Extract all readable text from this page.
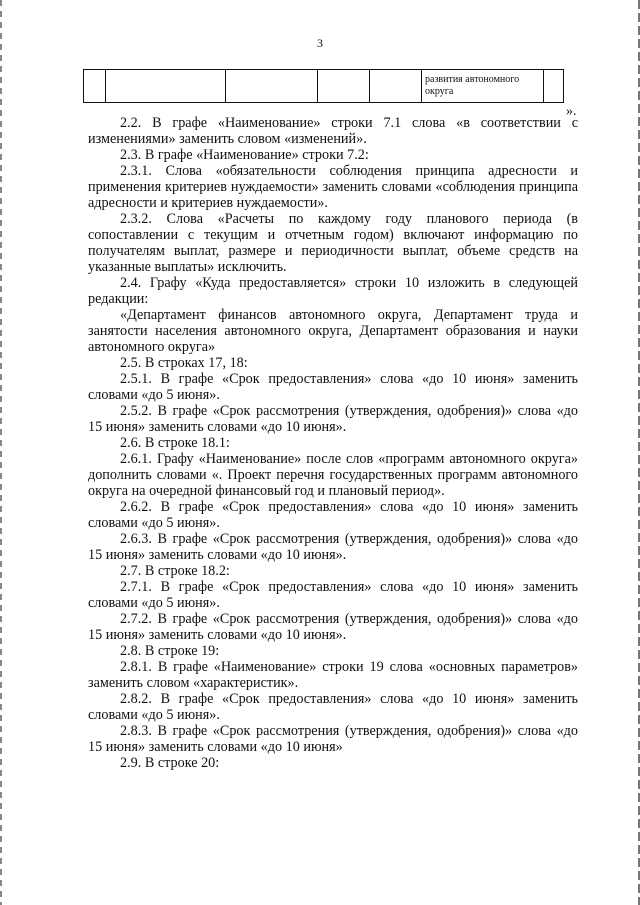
3
					развития автономного округа	
».

2.2. В графе «Наименование» строки 7.1 слова «в соответствии с изменениями» заменить словом «изменений».

2.3. В графе «Наименование» строки 7.2:

2.3.1. Слова «обязательности соблюдения принципа адресности и применения критериев нуждаемости» заменить словами «соблюдения принципа адресности и критериев нуждаемости».

2.3.2. Слова «Расчеты по каждому году планового периода (в сопоставлении с текущим и отчетным годом) включают информацию по получателям выплат, размере и периодичности выплат, объеме средств на указанные выплаты» исключить.

2.4. Графу «Куда предоставляется» строки 10 изложить в следующей редакции:

«Департамент финансов автономного округа, Департамент труда и занятости населения автономного округа, Департамент образования и науки автономного округа»

2.5. В строках 17, 18:

2.5.1. В графе «Срок предоставления» слова «до 10 июня» заменить словами «до 5 июня».

2.5.2. В графе «Срок рассмотрения (утверждения, одобрения)» слова «до 15 июня» заменить словами «до 10 июня».

2.6. В строке 18.1:

2.6.1. Графу «Наименование» после слов «программ автономного округа» дополнить словами «. Проект перечня государственных программ автономного округа на очередной финансовый год и плановый период».

2.6.2. В графе «Срок предоставления» слова «до 10 июня» заменить словами «до 5 июня».

2.6.3. В графе «Срок рассмотрения (утверждения, одобрения)» слова «до 15 июня» заменить словами «до 10 июня».

2.7. В строке 18.2:

2.7.1. В графе «Срок предоставления» слова «до 10 июня» заменить словами «до 5 июня».

2.7.2. В графе «Срок рассмотрения (утверждения, одобрения)» слова «до 15 июня» заменить словами «до 10 июня».

2.8. В строке 19:

2.8.1. В графе «Наименование» строки 19 слова «основных параметров» заменить словом «характеристик».

2.8.2. В графе «Срок предоставления» слова «до 10 июня» заменить словами «до 5 июня».

2.8.3. В графе «Срок рассмотрения (утверждения, одобрения)» слова «до 15 июня» заменить словами «до 10 июня»

2.9. В строке 20:
